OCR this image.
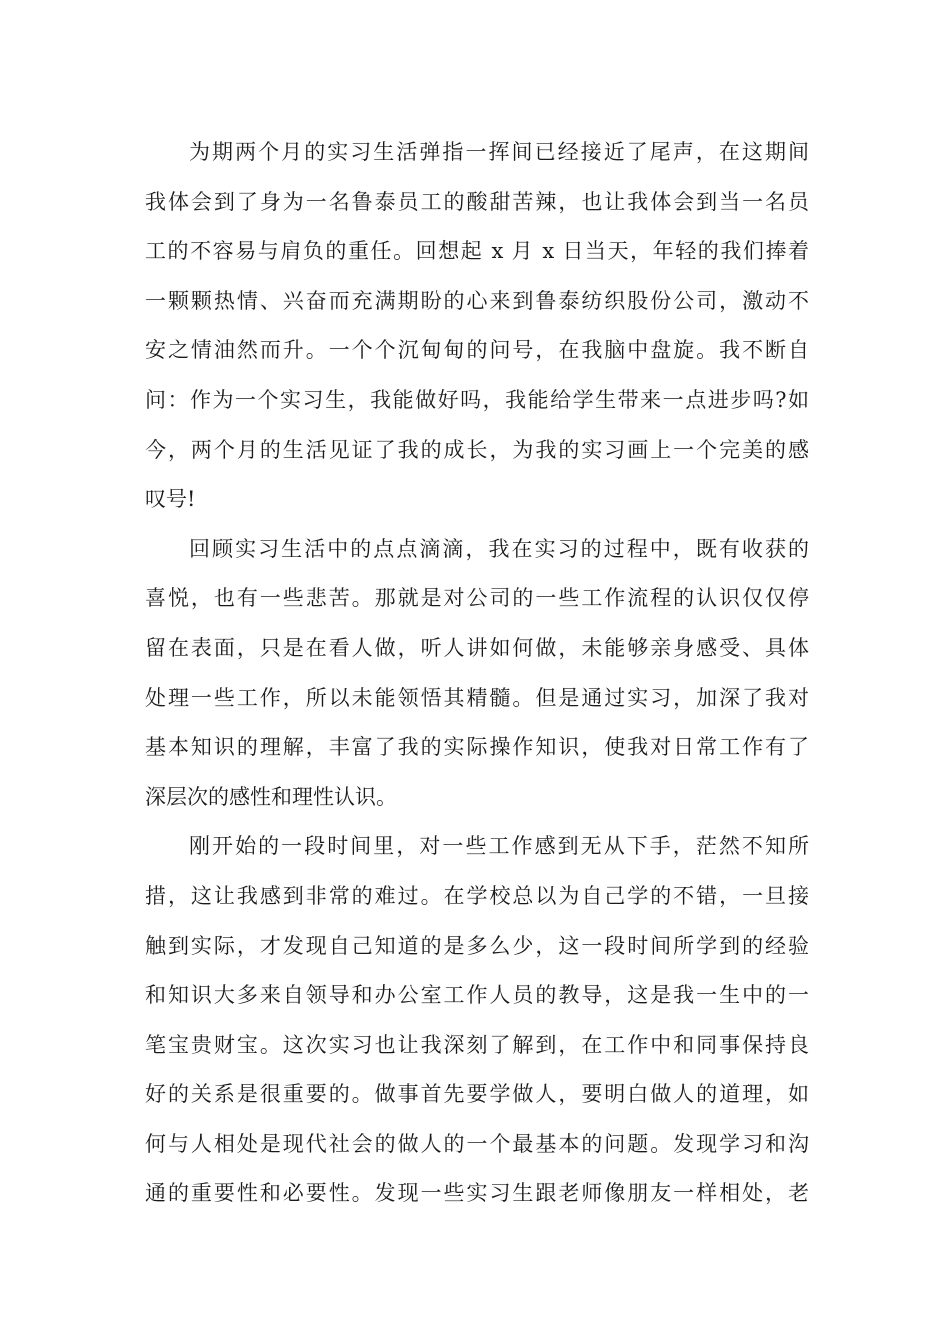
为期两个月的实习生活弹指一挥间已经接近了尾声，在这期间
我体会到了身为一名鲁泰员工的酸甜苦辣，也让我体会到当一名员
工的不容易与肩负的重任。回想起 x 月 x 日当天，年轻的我们捧着
一颗颗热情、兴奋而充满期盼的心来到鲁泰纺织股份公司，激动不
安之情油然而升。一个个沉甸甸的问号，在我脑中盘旋。我不断自
问：作为一个实习生，我能做好吗，我能给学生带来一点进步吗?如
今，两个月的生活见证了我的成长，为我的实习画上一个完美的感
叹号!
回顾实习生活中的点点滴滴，我在实习的过程中，既有收获的
喜悦，也有一些悲苦。那就是对公司的一些工作流程的认识仅仅停
留在表面，只是在看人做，听人讲如何做，未能够亲身感受、具体
处理一些工作，所以未能领悟其精髓。但是通过实习，加深了我对
基本知识的理解，丰富了我的实际操作知识，使我对日常工作有了
深层次的感性和理性认识。
刚开始的一段时间里，对一些工作感到无从下手，茫然不知所
措，这让我感到非常的难过。在学校总以为自己学的不错，一旦接
触到实际，才发现自己知道的是多么少，这一段时间所学到的经验
和知识大多来自领导和办公室工作人员的教导，这是我一生中的一
笔宝贵财宝。这次实习也让我深刻了解到，在工作中和同事保持良
好的关系是很重要的。做事首先要学做人，要明白做人的道理，如
何与人相处是现代社会的做人的一个最基本的问题。发现学习和沟
通的重要性和必要性。发现一些实习生跟老师像朋友一样相处，老
